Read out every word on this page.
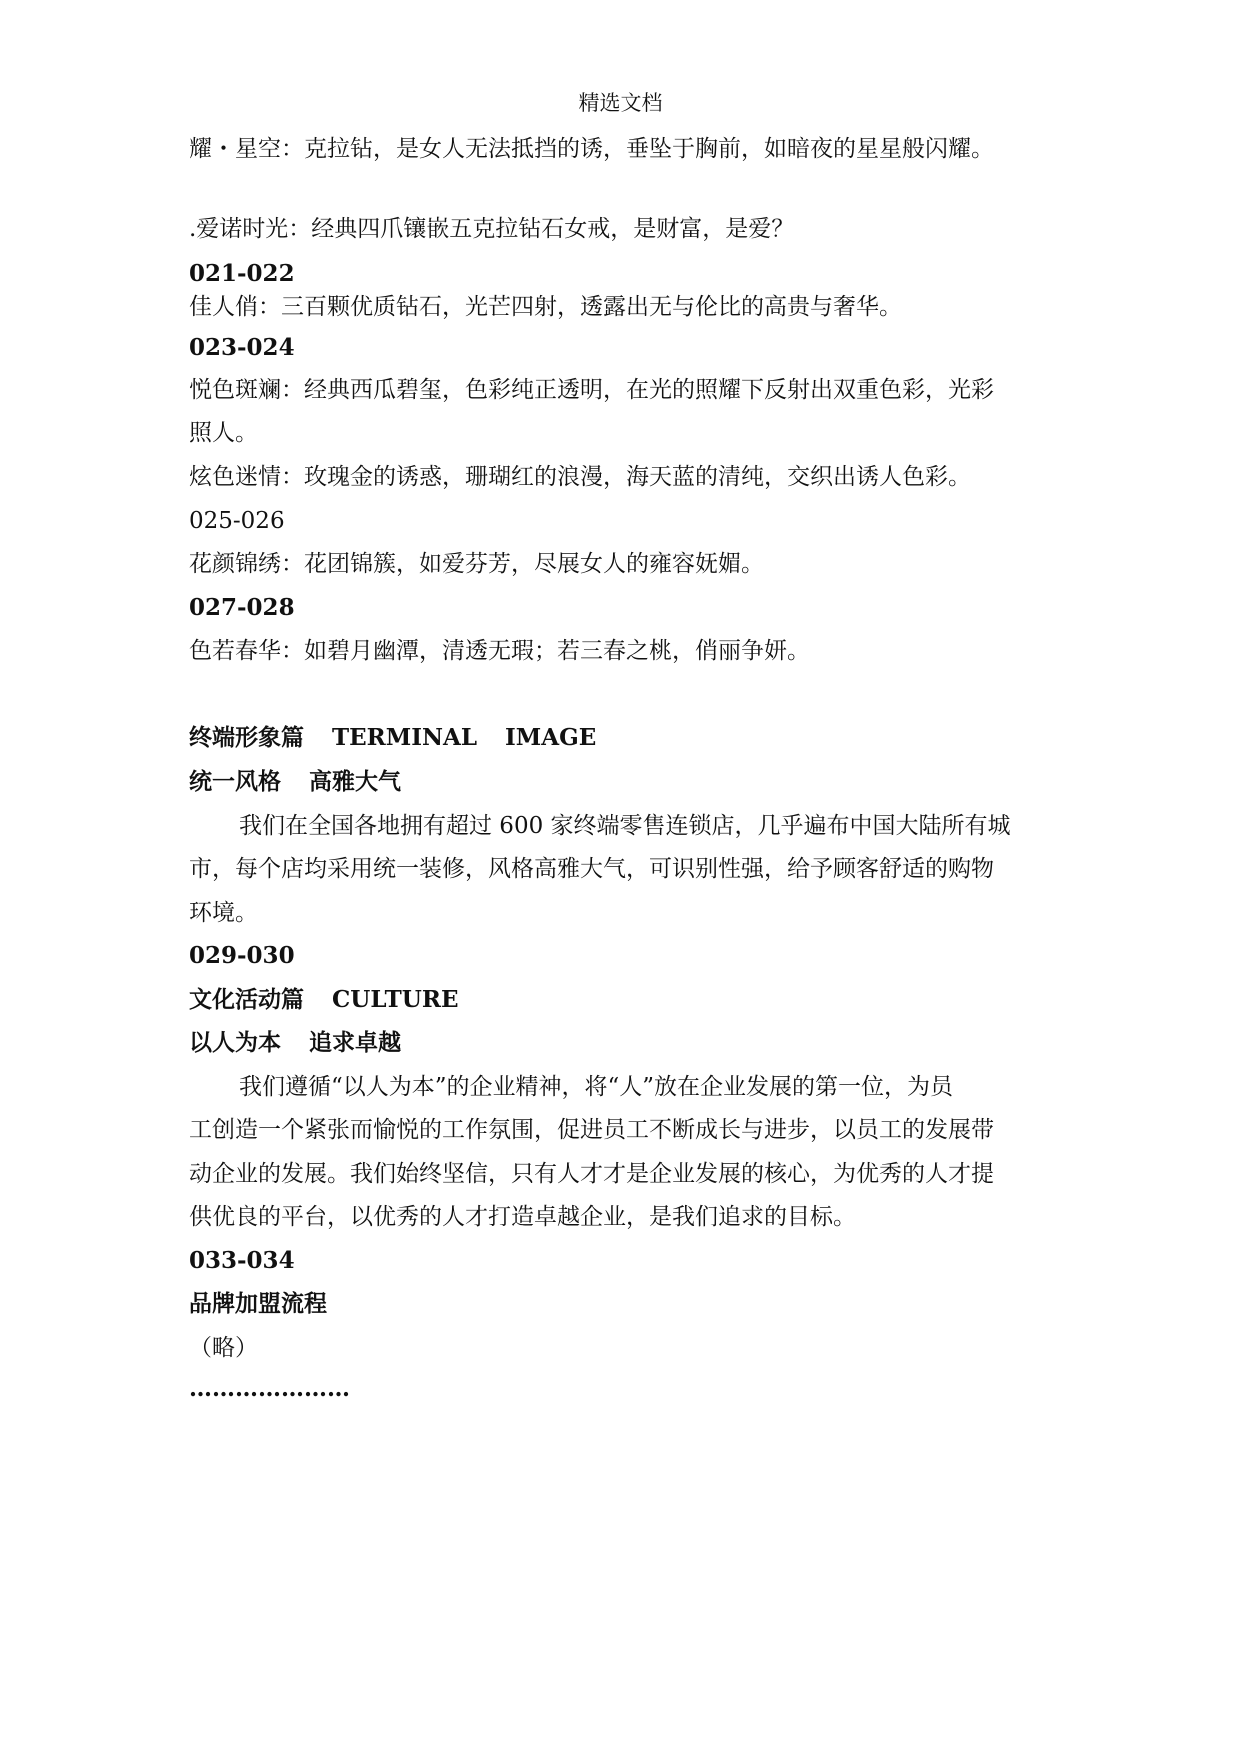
精选文档
耀・星空：克拉钻，是女人无法抵挡的诱，垂坠于胸前，如暗夜的星星般闪耀。
.爱诺时光：经典四爪镶嵌五克拉钻石女戒，是财富，是爱？
021-022
佳人俏：三百颗优质钻石，光芒四射，透露出无与伦比的高贵与奢华。
023-024
悦色斑斓：经典西瓜碧玺，色彩纯正透明，在光的照耀下反射出双重色彩，光彩
照人。
炫色迷情：玫瑰金的诱惑，珊瑚红的浪漫，海天蓝的清纯，交织出诱人色彩。
025-026
花颜锦绣：花团锦簇，如爱芬芳，尽展女人的雍容妩媚。
027-028
色若春华：如碧月幽潭，清透无瑕；若三春之桃，俏丽争妍。
终端形象篇 TERMINAL IMAGE
统一风格 高雅大气
我们在全国各地拥有超过 600 家终端零售连锁店，几乎遍布中国大陆所有城
市，每个店均采用统一装修，风格高雅大气，可识别性强，给予顾客舒适的购物
环境。
029-030
文化活动篇 CULTURE
以人为本 追求卓越
我们遵循“以人为本”的企业精神，将“人”放在企业发展的第一位，为员
工创造一个紧张而愉悦的工作氛围，促进员工不断成长与进步，以员工的发展带
动企业的发展。我们始终坚信，只有人才才是企业发展的核心，为优秀的人才提
供优良的平台，以优秀的人才打造卓越企业，是我们追求的目标。
033-034
品牌加盟流程
（略）
…………………
